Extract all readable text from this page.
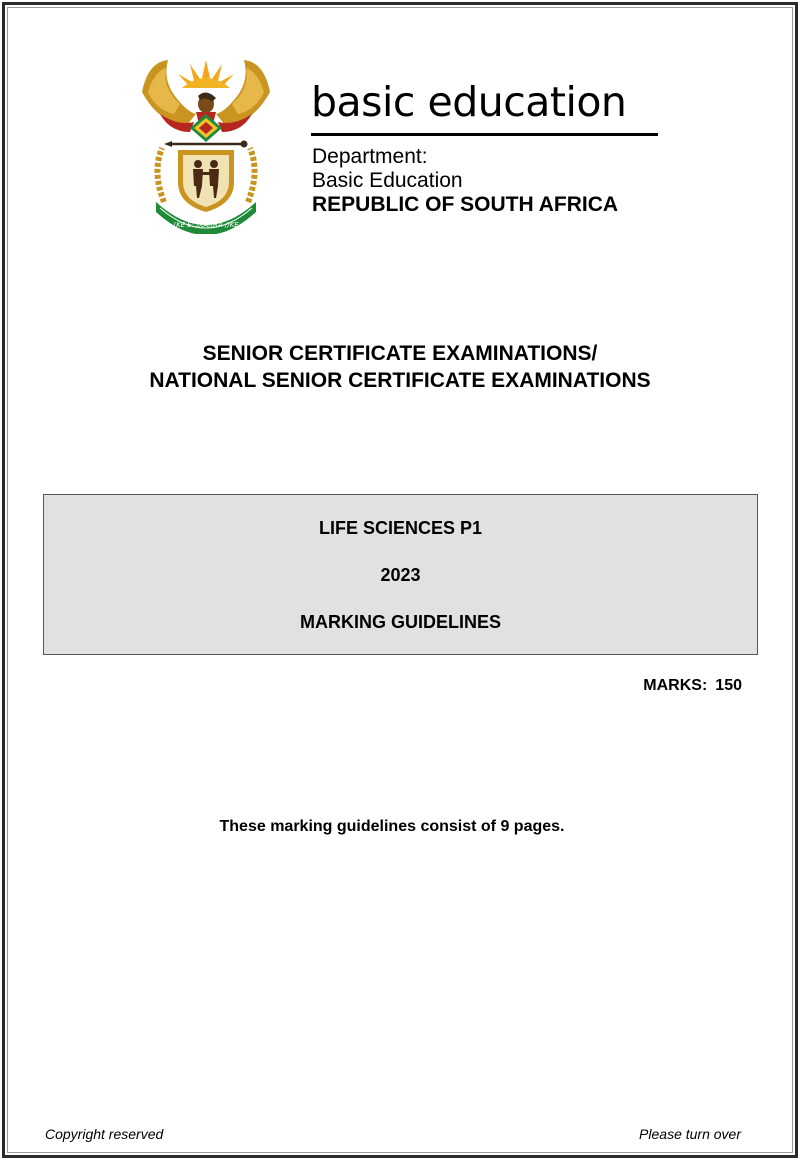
!KE E: /XARRA //KE
basic education
Department:
Basic Education
REPUBLIC OF SOUTH AFRICA
SENIOR CERTIFICATE EXAMINATIONS/
NATIONAL SENIOR CERTIFICATE EXAMINATIONS
LIFE SCIENCES P1
2023
MARKING GUIDELINES
MARKS: 150
These marking guidelines consist of 9 pages.
Copyright reserved	Please turn over
